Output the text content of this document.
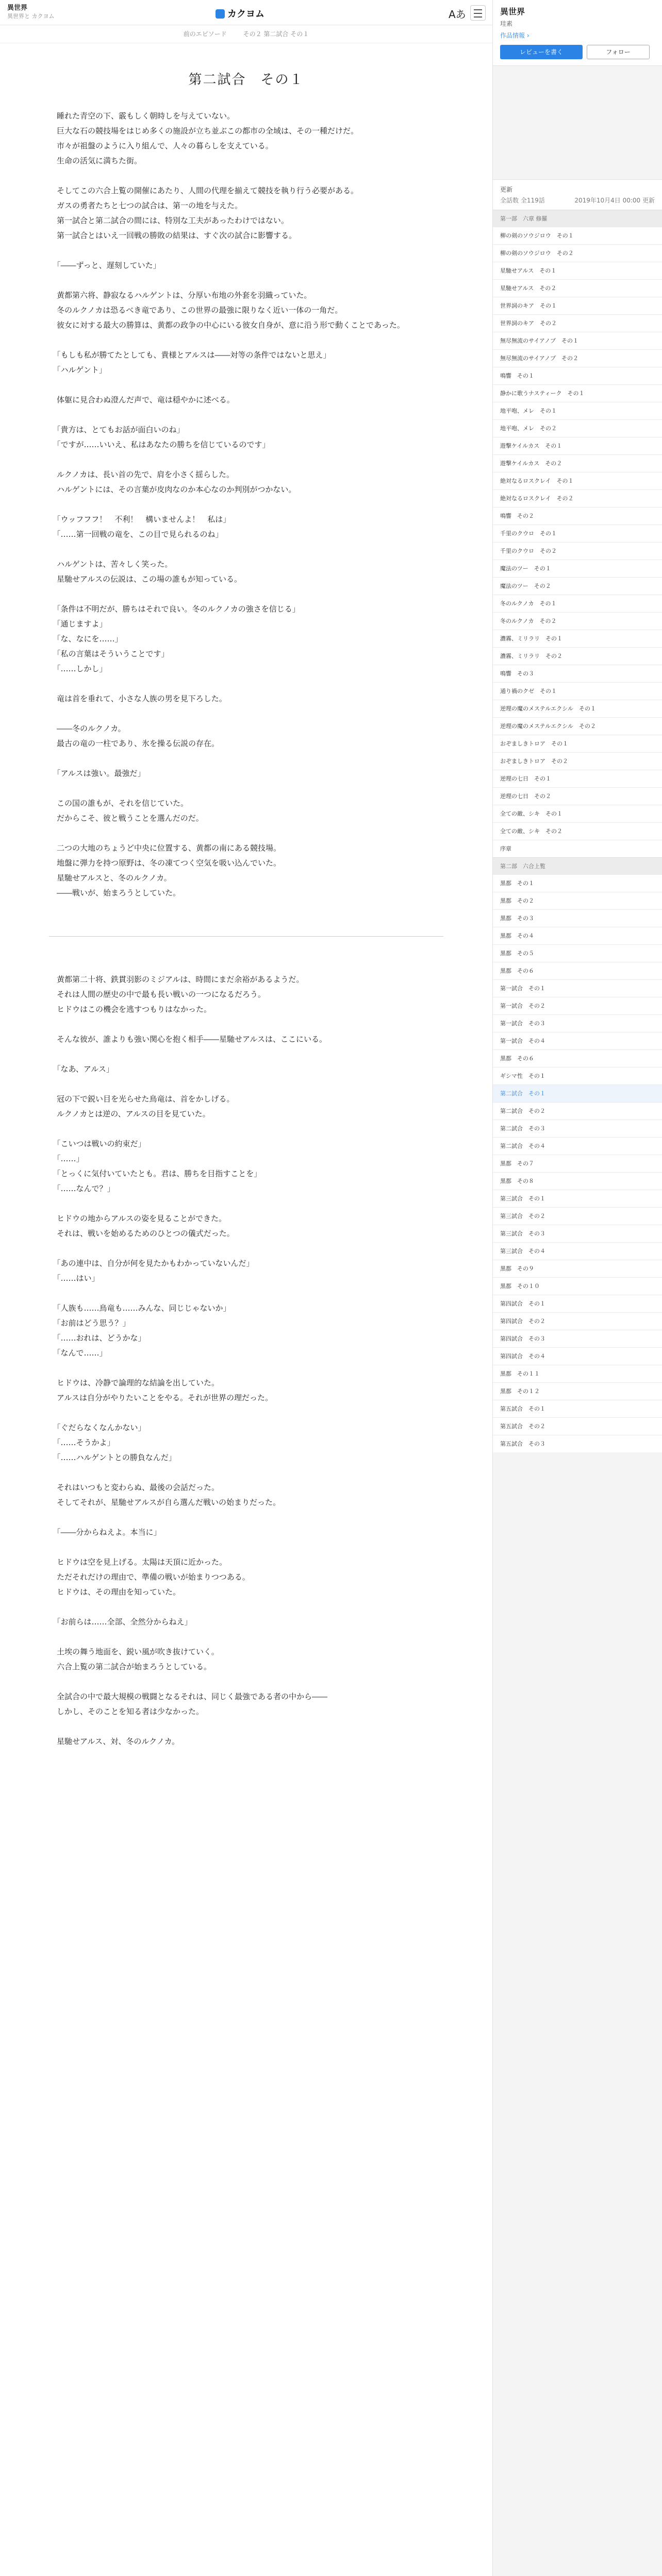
異世界
異世界と カクヨム	カクヨム	Aあ
前のエピソード	その２ 第二試合 その１
第二試合　その１

　睡れた青空の下、霰もしく朝時しを与えていない。

　巨大な石の競技場をはじめ多くの施設が立ち並ぶこの都市の全域は、その一種だけだ。

　市々が祖盤のように入り組んで、人々の暮らしを支えている。

　生命の活気に満ちた街。

　そしてこの六合上覧の開催にあたり、人間の代理を揃えて競技を執り行う必要がある。

　ガスの勇者たちと七つの試合は、第一の地を与えた。

　第一試合と第二試合の間には、特別な工夫があったわけではない。

　第一試合とはいえ一回戦の勝敗の結果は、すぐ次の試合に影響する。

　「――ずっと、遅刻していた」

　黄都第六将、静寂なるハルゲントは、分厚い布地の外套を羽織っていた。

　冬のルクノカは恐るべき竜であり、この世界の最強に限りなく近い一体の一角だ。

　彼女に対する最大の勝算は、黄都の政争の中心にいる彼女自身が、意に沿う形で動くことであった。

　「もしも私が勝てたとしても、貴様とアルスは――対等の条件ではないと思え」

　「ハルゲント」

　体躯に見合わぬ澄んだ声で、竜は穏やかに述べる。

　「貴方は、とてもお話が面白いのね」

　「ですが……いいえ、私はあなたの勝ちを信じているのです」

　ルクノカは、長い首の先で、肩を小さく揺らした。

　ハルゲントには、その言葉が皮肉なのか本心なのか判別がつかない。

　「ウッフフフ！　不利！　構いませんよ！　私は」

　「……第一回戦の竜を、この目で見られるのね」

　ハルゲントは、苦々しく笑った。

　星馳せアルスの伝説は、この場の誰もが知っている。

　「条件は不明だが、勝ちはそれで良い。冬のルクノカの強さを信じる」

　「通じますよ」

　「な、なにを……」

　「私の言葉はそういうことです」

　「……しかし」

　竜は首を垂れて、小さな人族の男を見下ろした。

　――冬のルクノカ。

　最古の竜の一柱であり、氷を操る伝説の存在。

　「アルスは強い。最強だ」

　この国の誰もが、それを信じていた。

　だからこそ、彼と戦うことを選んだのだ。

　二つの大地のちょうど中央に位置する、黄都の南にある競技場。

　地盤に弾力を持つ原野は、冬の凍てつく空気を吸い込んでいた。

　星馳せアルスと、冬のルクノカ。

　――戦いが、始まろうとしていた。

　黄都第二十将、鉄貫羽影のミジアルは、時間にまだ余裕があるようだ。

　それは人間の歴史の中で最も長い戦いの一つになるだろう。

　ヒドウはこの機会を逃すつもりはなかった。

　そんな彼が、誰よりも強い関心を抱く相手――星馳せアルスは、ここにいる。

　「なあ、アルス」

　冠の下で鋭い目を光らせた鳥竜は、首をかしげる。

　ルクノカとは逆の、アルスの目を見ていた。

　「こいつは戦いの約束だ」

　「……」

　「とっくに気付いていたとも。君は、勝ちを目指すことを」

　「……なんで？」

　ヒドウの地からアルスの姿を見ることができた。

　それは、戦いを始めるためのひとつの儀式だった。

　「あの連中は、自分が何を見たかもわかっていないんだ」

　「……はい」

　「人族も……鳥竜も……みんな、同じじゃないか」

　「お前はどう思う？」

　「……おれは、どうかな」

　「なんで……」

　ヒドウは、冷静で論理的な結論を出していた。

　アルスは自分がやりたいことをやる。それが世界の理だった。

　「ぐだらなくなんかない」

　「……そうかよ」

　「……ハルゲントとの勝負なんだ」

　それはいつもと変わらぬ、最後の会話だった。

　そしてそれが、星馳せアルスが自ら選んだ戦いの始まりだった。

　「――分からねえよ。本当に」

　ヒドウは空を見上げる。太陽は天頂に近かった。

　ただそれだけの理由で、準備の戦いが始まりつつある。

　ヒドウは、その理由を知っていた。

　「お前らは……全部、全然分からねえ」

　土埃の舞う地面を、鋭い風が吹き抜けていく。

　六合上覧の第二試合が始まろうとしている。

　全試合の中で最大規模の戦闘となるそれは、同じく最強である者の中から――

　しかし、そのことを知る者は少なかった。

　星馳せアルス、対、冬のルクノカ。

異世界
珪素
作品情報 ›
レビューを書く	フォロー
更新
全話数 全119話	2019年10月4日 00:00 更新
第一部　六章 修羅
柳の剣のソウジロウ　その１
柳の剣のソウジロウ　その２
星馳せアルス　その１
星馳せアルス　その２
世界詞のキア　その１
世界詞のキア　その２
無尽無流のサイアノプ　その１
無尽無流のサイアノプ　その２
鳴響　その１
静かに歌うナスティーク　その１
地平咆、メレ　その１
地平咆、メレ　その２
遊撃ケイルカス　その１
遊撃ケイルカス　その２
絶対なるロスクレイ　その１
絶対なるロスクレイ　その２
鳴響　その２
千里のクウロ　その１
千里のクウロ　その２
魔法のツー　その１
魔法のツー　その２
冬のルクノカ　その１
冬のルクノカ　その２
濃霧、ミリラリ　その１
濃霧、ミリラリ　その２
鳴響　その３
通り禍のクゼ　その１
逆理の魔のメステルエクシル　その１
逆理の魔のメステルエクシル　その２
おぞましきトロア　その１
おぞましきトロア　その２
逆理の七日　その１
逆理の七日　その２
全ての敵、シキ　その１
全ての敵、シキ　その２
序章
第二部　六合上覧
黒都　その１
黒都　その２
黒都　その３
黒都　その４
黒都　その５
黒都　その６
第一試合　その１
第一試合　その２
第一試合　その３
第一試合　その４
黒都　その６
ギシマ性　その１
第二試合　その１
第二試合　その２
第二試合　その３
第二試合　その４
黒都　その７
黒都　その８
第三試合　その１
第三試合　その２
第三試合　その３
第三試合　その４
黒都　その９
黒都　その１０
第四試合　その１
第四試合　その２
第四試合　その３
第四試合　その４
黒都　その１１
黒都　その１２
第五試合　その１
第五試合　その２
第五試合　その３
